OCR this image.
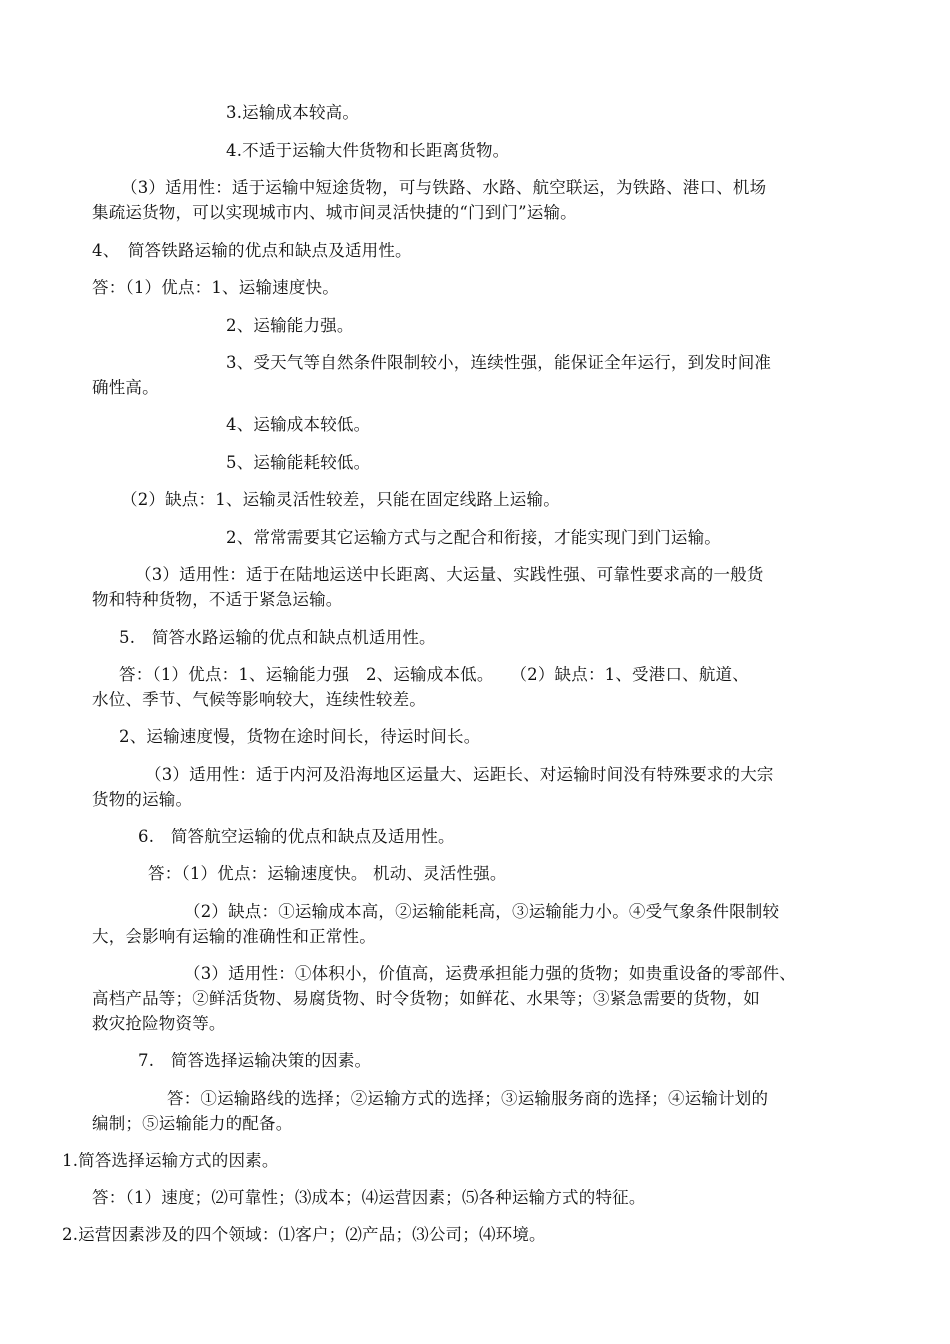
3.运输成本较高。
4.不适于运输大件货物和长距离货物。
（3）适用性：适于运输中短途货物，可与铁路、水路、航空联运，为铁路、港口、机场
集疏运货物，可以实现城市内、城市间灵活快捷的“门到门”运输。
4、　简答铁路运输的优点和缺点及适用性。
答：（1）优点：1、运输速度快。
2、运输能力强。
3、受天气等自然条件限制较小，连续性强，能保证全年运行，到发时间准
确性高。
4、运输成本较低。
5、运输能耗较低。
（2）缺点：1、运输灵活性较差，只能在固定线路上运输。
2、常常需要其它运输方式与之配合和衔接，才能实现门到门运输。
（3）适用性：适于在陆地运送中长距离、大运量、实践性强、可靠性要求高的一般货
物和特种货物，不适于紧急运输。
5.　简答水路运输的优点和缺点机适用性。
答：（1）优点：1、运输能力强　2、运输成本低。　　（2）缺点：1、受港口、航道、
水位、季节、气候等影响较大，连续性较差。
2、运输速度慢，货物在途时间长，待运时间长。
（3）适用性：适于内河及沿海地区运量大、运距长、对运输时间没有特殊要求的大宗
货物的运输。
6.　简答航空运输的优点和缺点及适用性。
答：（1）优点：运输速度快。 机动、灵活性强。
（2）缺点：①运输成本高，②运输能耗高，③运输能力小。④受气象条件限制较
大，会影响有运输的准确性和正常性。
（3）适用性：①体积小，价值高，运费承担能力强的货物；如贵重设备的零部件、
高档产品等；②鲜活货物、易腐货物、时令货物；如鲜花、水果等；③紧急需要的货物，如
救灾抢险物资等。
7.　简答选择运输决策的因素。
答：①运输路线的选择；②运输方式的选择；③运输服务商的选择；④运输计划的
编制；⑤运输能力的配备。
1.简答选择运输方式的因素。
答：（1）速度；⑵可靠性；⑶成本；⑷运营因素；⑸各种运输方式的特征。
2.运营因素涉及的四个领域：⑴客户；⑵产品；⑶公司；⑷环境。
